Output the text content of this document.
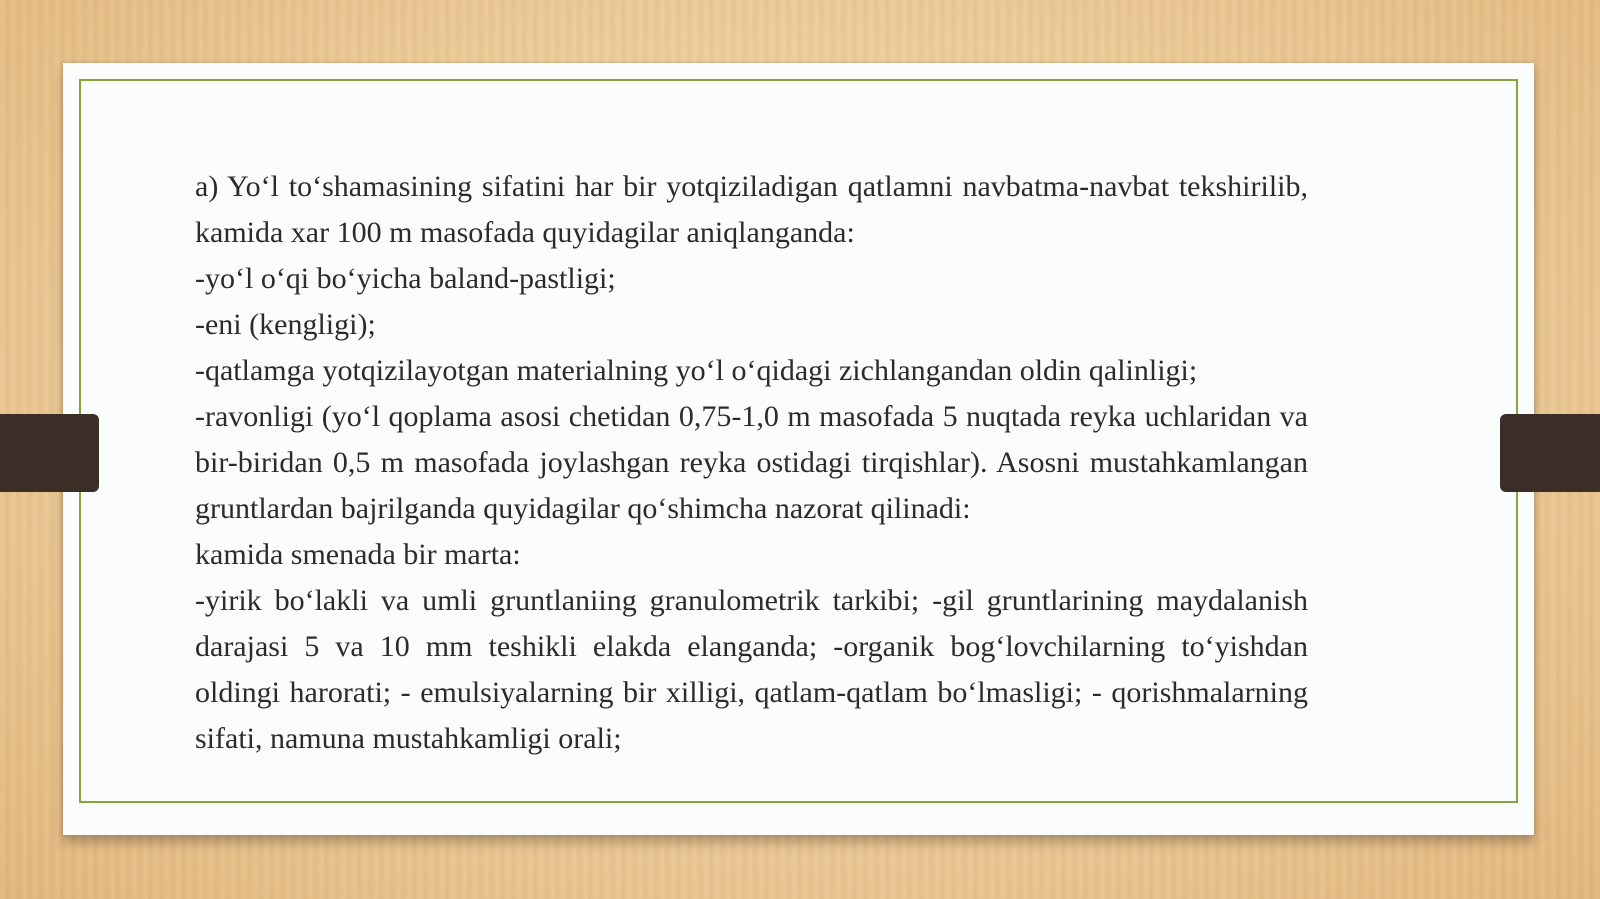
a) Yo‘l to‘shamasining sifatini har bir yotqiziladigan qatlamni navbatma-navbat tekshirilib, kamida xar 100 m masofada quyidagilar aniqlanganda:

-yo‘l o‘qi bo‘yicha baland-pastligi;

-eni (kengligi);

-qatlamga yotqizilayotgan materialning yo‘l o‘qidagi zichlangandan oldin qalinligi;

-ravonligi (yo‘l qoplama asosi chetidan 0,75-1,0 m masofada 5 nuqtada reyka uchlaridan va bir-biridan 0,5 m masofada joylashgan reyka ostidagi tirqishlar). Asosni mustahkamlangan gruntlardan bajrilganda quyidagilar qo‘shimcha nazorat qilinadi:

kamida smenada bir marta:

-yirik bo‘lakli va umli gruntlaniing granulometrik tarkibi; -gil gruntlarining maydalanish darajasi 5 va 10 mm teshikli elakda elanganda; -organik bog‘lovchilarning to‘yishdan oldingi harorati; - emulsiyalarning bir xilligi, qatlam-qatlam bo‘lmasligi; - qorishmalarning sifati, namuna mustahkamligi orali;
